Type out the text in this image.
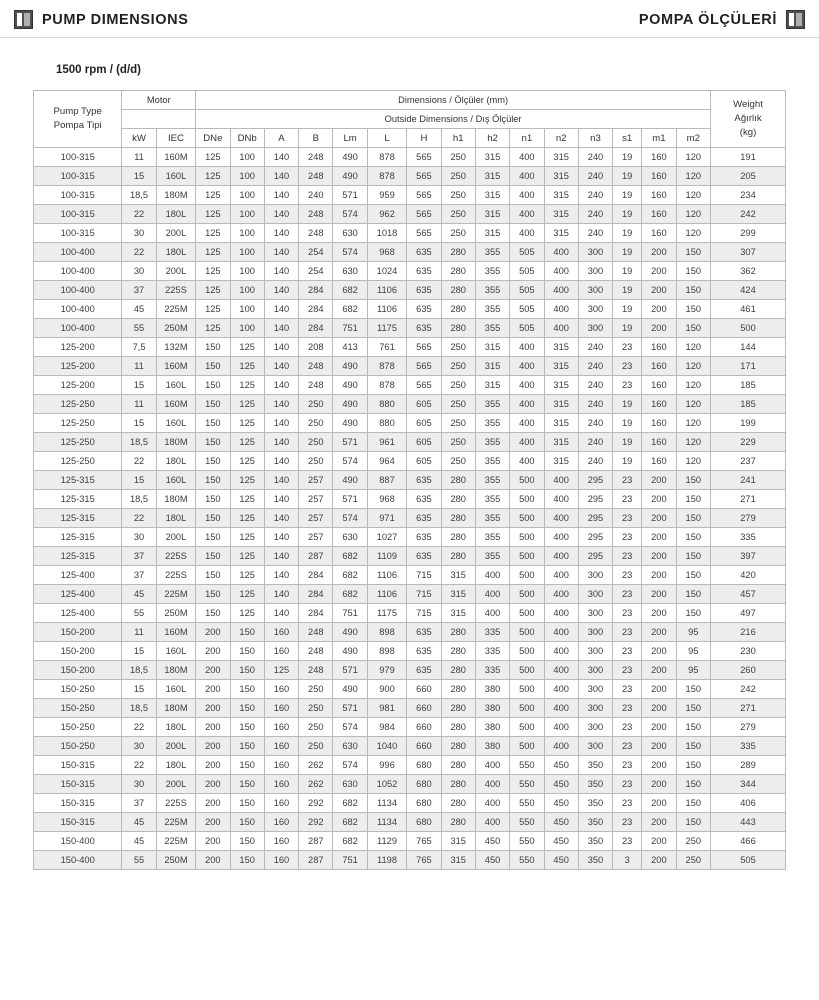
PUMP DIMENSIONS	POMPA ÖLÇÜLERİ
1500 rpm / (d/d)
Pump Type
Pompa Tipi	Motor		Dimensions / Ölçüler (mm)															Weight
Ağırlık
(kg)
			Outside Dimensions / Dış Ölçüler															
	kW	IEC	DNe	DNb	A	B	Lm	L	H	h1	h2	n1	n2	n3	s1	m1	m2	
100-315	11	160M	125	100	140	248	490	878	565	250	315	400	315	240	19	160	120	191
100-315	15	160L	125	100	140	248	490	878	565	250	315	400	315	240	19	160	120	205
100-315	18,5	180M	125	100	140	240	571	959	565	250	315	400	315	240	19	160	120	234
100-315	22	180L	125	100	140	248	574	962	565	250	315	400	315	240	19	160	120	242
100-315	30	200L	125	100	140	248	630	1018	565	250	315	400	315	240	19	160	120	299
100-400	22	180L	125	100	140	254	574	968	635	280	355	505	400	300	19	200	150	307
100-400	30	200L	125	100	140	254	630	1024	635	280	355	505	400	300	19	200	150	362
100-400	37	225S	125	100	140	284	682	1106	635	280	355	505	400	300	19	200	150	424
100-400	45	225M	125	100	140	284	682	1106	635	280	355	505	400	300	19	200	150	461
100-400	55	250M	125	100	140	284	751	1175	635	280	355	505	400	300	19	200	150	500
125-200	7,5	132M	150	125	140	208	413	761	565	250	315	400	315	240	23	160	120	144
125-200	11	160M	150	125	140	248	490	878	565	250	315	400	315	240	23	160	120	171
125-200	15	160L	150	125	140	248	490	878	565	250	315	400	315	240	23	160	120	185
125-250	11	160M	150	125	140	250	490	880	605	250	355	400	315	240	19	160	120	185
125-250	15	160L	150	125	140	250	490	880	605	250	355	400	315	240	19	160	120	199
125-250	18,5	180M	150	125	140	250	571	961	605	250	355	400	315	240	19	160	120	229
125-250	22	180L	150	125	140	250	574	964	605	250	355	400	315	240	19	160	120	237
125-315	15	160L	150	125	140	257	490	887	635	280	355	500	400	295	23	200	150	241
125-315	18,5	180M	150	125	140	257	571	968	635	280	355	500	400	295	23	200	150	271
125-315	22	180L	150	125	140	257	574	971	635	280	355	500	400	295	23	200	150	279
125-315	30	200L	150	125	140	257	630	1027	635	280	355	500	400	295	23	200	150	335
125-315	37	225S	150	125	140	287	682	1109	635	280	355	500	400	295	23	200	150	397
125-400	37	225S	150	125	140	284	682	1106	715	315	400	500	400	300	23	200	150	420
125-400	45	225M	150	125	140	284	682	1106	715	315	400	500	400	300	23	200	150	457
125-400	55	250M	150	125	140	284	751	1175	715	315	400	500	400	300	23	200	150	497
150-200	11	160M	200	150	160	248	490	898	635	280	335	500	400	300	23	200	95	216
150-200	15	160L	200	150	160	248	490	898	635	280	335	500	400	300	23	200	95	230
150-200	18,5	180M	200	150	125	248	571	979	635	280	335	500	400	300	23	200	95	260
150-250	15	160L	200	150	160	250	490	900	660	280	380	500	400	300	23	200	150	242
150-250	18,5	180M	200	150	160	250	571	981	660	280	380	500	400	300	23	200	150	271
150-250	22	180L	200	150	160	250	574	984	660	280	380	500	400	300	23	200	150	279
150-250	30	200L	200	150	160	250	630	1040	660	280	380	500	400	300	23	200	150	335
150-315	22	180L	200	150	160	262	574	996	680	280	400	550	450	350	23	200	150	289
150-315	30	200L	200	150	160	262	630	1052	680	280	400	550	450	350	23	200	150	344
150-315	37	225S	200	150	160	292	682	1134	680	280	400	550	450	350	23	200	150	406
150-315	45	225M	200	150	160	292	682	1134	680	280	400	550	450	350	23	200	150	443
150-400	45	225M	200	150	160	287	682	1129	765	315	450	550	450	350	23	200	250	466
150-400	55	250M	200	150	160	287	751	1198	765	315	450	550	450	350	3	200	250	505
